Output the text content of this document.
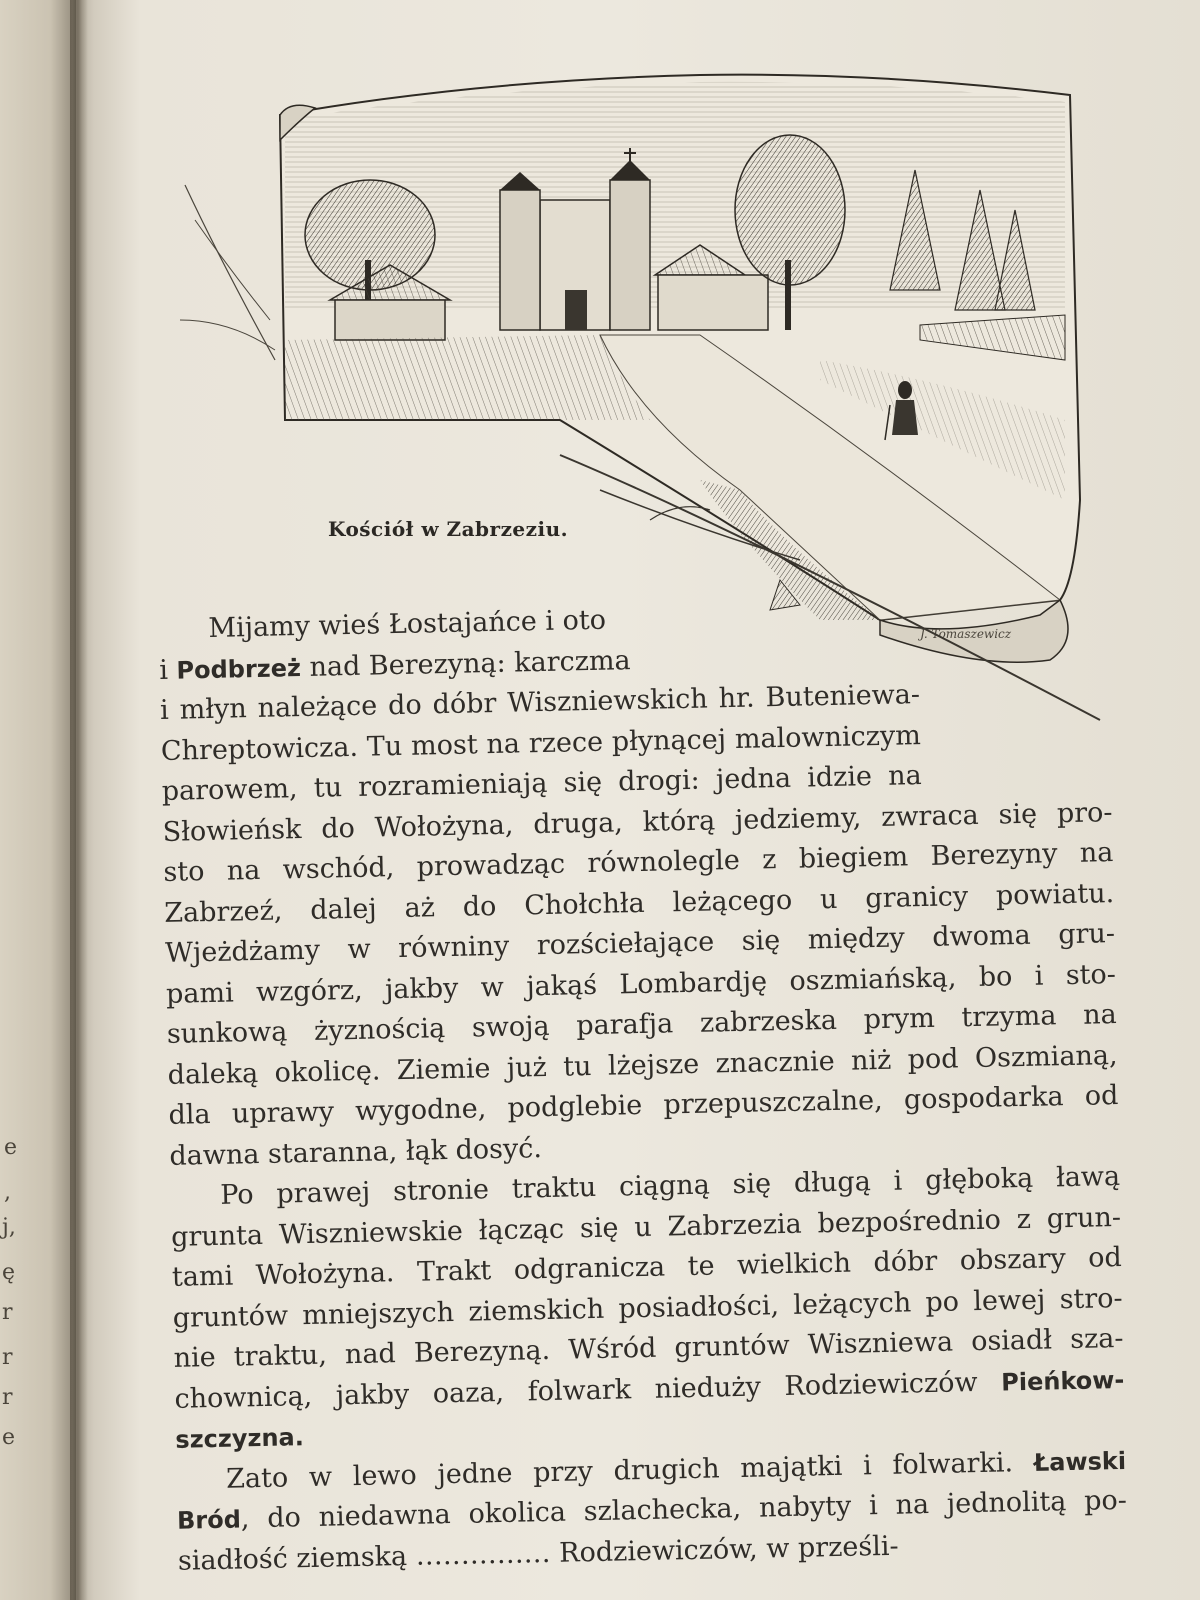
e
,
j,
ę
r
r
r
e
J. Tomaszewicz
Kościół w Zabrzeziu.
Mijamy wieś Łostajańce i oto
i Podbrzeż nad Berezyną: karczma
i młyn należące do dóbr Wiszniewskich hr. Buteniewa-
Chreptowicza. Tu most na rzece płynącej malowniczym
parowem, tu rozramieniają się drogi: jedna idzie na
Słowieńsk do Wołożyna, druga, którą jedziemy, zwraca się pro-
sto na wschód, prowadząc równolegle z biegiem Berezyny na
Zabrzeź, dalej aż do Chołchła leżącego u granicy powiatu.
Wjeżdżamy w równiny rozściełające się między dwoma gru-
pami wzgórz, jakby w jakąś Lombardję oszmiańską, bo i sto-
sunkową żyznością swoją parafja zabrzeska prym trzyma na
daleką okolicę. Ziemie już tu lżejsze znacznie niż pod Oszmianą,
dla uprawy wygodne, podglebie przepuszczalne, gospodarka od
dawna staranna, łąk dosyć.
Po prawej stronie traktu ciągną się długą i głęboką ławą
grunta Wiszniewskie łącząc się u Zabrzezia bezpośrednio z grun-
tami Wołożyna. Trakt odgranicza te wielkich dóbr obszary od
gruntów mniejszych ziemskich posiadłości, leżących po lewej stro-
nie traktu, nad Berezyną. Wśród gruntów Wiszniewa osiadł sza-
chownicą, jakby oaza, folwark nieduży Rodziewiczów Pieńkow-
szczyzna.
Zato w lewo jedne przy drugich majątki i folwarki. Ławski
Bród, do niedawna okolica szlachecka, nabyty i na jednolitą po-
siadłość ziemską …………… Rodziewiczów, w prześli-
